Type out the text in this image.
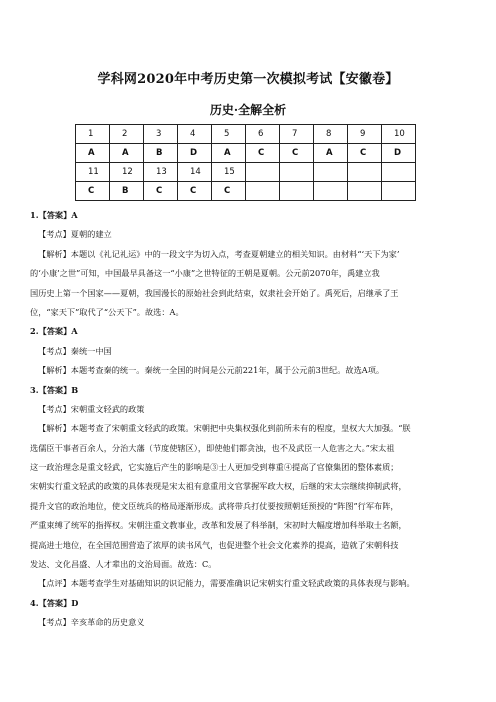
学科网2020年中考历史第一次模拟考试【安徽卷】
历史·全解全析
1	2	3	4	5	6	7	8	9	10
A	A	B	D	A	C	C	A	C	D
11	12	13	14	15					
C	B	C	C	C					
1.【答案】A
【考点】夏朝的建立
【解析】本题以《礼记礼运》中的一段文字为切入点，考查夏朝建立的相关知识。由材料“‘天下为家’
的‘小康’之世”可知，中国最早具备这一“小康”之世特征的王朝是夏朝。公元前2070年，禹建立我
国历史上第一个国家——夏朝，我国漫长的原始社会到此结束，奴隶社会开始了。禹死后，启继承了王
位，“家天下”取代了“公天下”。故选：A。
2.【答案】A
【考点】秦统一中国
【解析】本题考查秦的统一。秦统一全国的时间是公元前221年，属于公元前3世纪。故选A项。
3.【答案】B
【考点】宋朝重文轻武的政策
【解析】本题考查了宋朝重文轻武的政策。宋朝把中央集权强化到前所未有的程度，皇权大大加强。“朕
选儒臣干事者百余人，分治大藩（节度使辖区），即使他们都贪浊，也不及武臣一人危害之大。”宋太祖
这一政治理念是重文轻武，它实施后产生的影响是③士人更加受到尊重④提高了官僚集团的整体素质；
宋朝实行重文轻武的政策的具体表现是宋太祖有意重用文官掌握军政大权，后继的宋太宗继续抑制武将，
提升文官的政治地位，使文臣统兵的格局逐渐形成。武将带兵打仗要按照朝廷预授的“阵图”行军布阵，
严重束缚了统军的指挥权。宋朝注重文教事业，改革和发展了科举制，宋初时大幅度增加科举取士名额，
提高进士地位，在全国范围营造了浓厚的读书风气，也促进整个社会文化素养的提高，造就了宋朝科技
发达、文化昌盛、人才辈出的文治局面。故选：C。
【点评】本题考查学生对基础知识的识记能力，需要准确识记宋朝实行重文轻武政策的具体表现与影响。
4.【答案】D
【考点】辛亥革命的历史意义
